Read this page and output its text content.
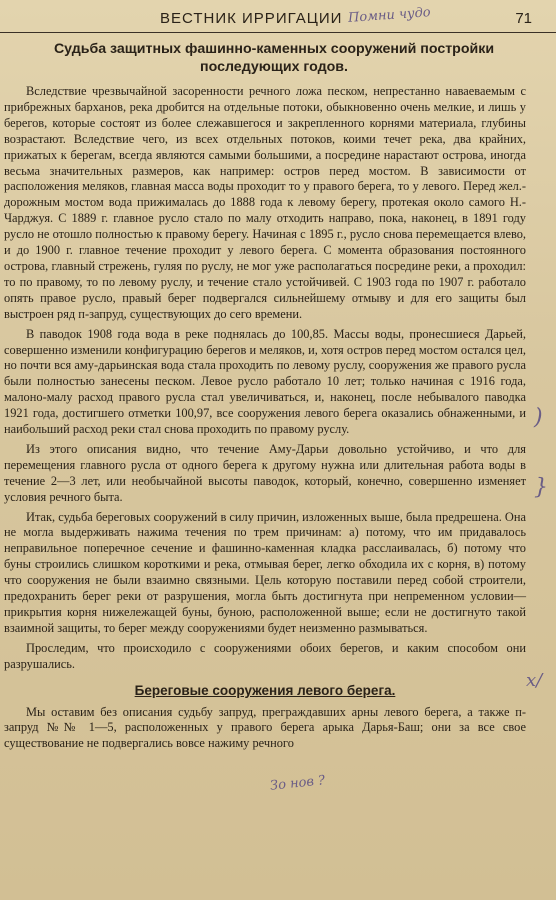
ВЕСТНИК ИРРИГАЦИИ Помни чудо	71
Судьба защитных фашинно-каменных сооружений постройки последующих годов.

Вследствие чрезвычайной засоренности речного ложа песком, непрестанно наваеваемым с прибрежных барханов, река дробится на отдельные потоки, обыкновенно очень мелкие, и лишь у берегов, которые состоят из более слежавшегося и закрепленного корнями материала, глубины возрастают. Вследствие чего, из всех отдельных потоков, коими течет река, два крайних, прижатых к берегам, всегда являются самыми большими, а посредине нарастают острова, иногда весьма значительных размеров, как например: остров перед мостом. В зависимости от расположения меляков, главная масса воды проходит то у правого берега, то у левого. Перед жел.-дорожным мостом вода прижималась до 1888 года к левому берегу, протекая около самого Н.-Чарджуя. С 1889 г. главное русло стало по малу отходить направо, пока, наконец, в 1891 году русло не отошло полностью к правому берегу. Начиная с 1895 г., русло снова перемещается влево, и до 1900 г. главное течение проходит у левого берега. С момента образования постоянного острова, главный стрежень, гуляя по руслу, не мог уже располагаться посредине реки, а проходил: то по правому, то по левому руслу, и течение стало устойчивей. С 1903 года по 1907 г. работало опять правое русло, правый берег подвергался сильнейшему отмыву и для его защиты был выстроен ряд п-запруд, существующих до сего времени.

В паводок 1908 года вода в реке поднялась до 100,85. Массы воды, пронесшиеся Дарьей, совершенно изменили конфигурацию берегов и меляков, и, хотя остров перед мостом остался цел, но почти вся аму-дарьинская вода стала проходить по левому руслу, сооружения же правого русла были полностью занесены песком. Левое русло работало 10 лет; только начиная с 1916 года, малоно-малу расход правого русла стал увеличиваться, и, наконец, после небывалого паводка 1921 года, достигшего отметки 100,97, все сооружения левого берега оказались обнаженными, и наибольший расход реки стал снова проходить по правому руслу.

Из этого описания видно, что течение Аму-Дарьи довольно устойчиво, и что для перемещения главного русла от одного берега к другому нужна или длительная работа воды в течение 2—3 лет, или необычайной высоты паводок, который, конечно, совершенно изменяет условия речного быта.

Итак, судьба береговых сооружений в силу причин, изложенных выше, была предрешена. Она не могла выдерживать нажима течения по трем причинам: а) потому, что им придавалось неправильное поперечное сечение и фашинно-каменная кладка расслаивалась, б) потому что буны строились слишком короткими и река, отмывая берег, легко обходила их с корня, в) потому что сооружения не были взаимно связными. Цель которую поставили перед собой строители, предохранить берег реки от разрушения, могла быть достигнута при непременном условии—прикрытия корня нижележащей буны, буною, расположенной выше; если не достигнуто такой взаимной защиты, то берег между сооружениями будет неизменно размываться.

Проследим, что происходило с сооружениями обоих берегов, и каким способом они разрушались.

Береговые сооружения левого берега.

Мы оставим без описания судьбу запруд, преграждавших арны левого берега, а также п-запруд №№ 1—5, расположенных у правого берега арыка Дарья-Баш; они за все свое существование не подвергались вовсе нажиму речного

)
}
x/
Зо нов ?
